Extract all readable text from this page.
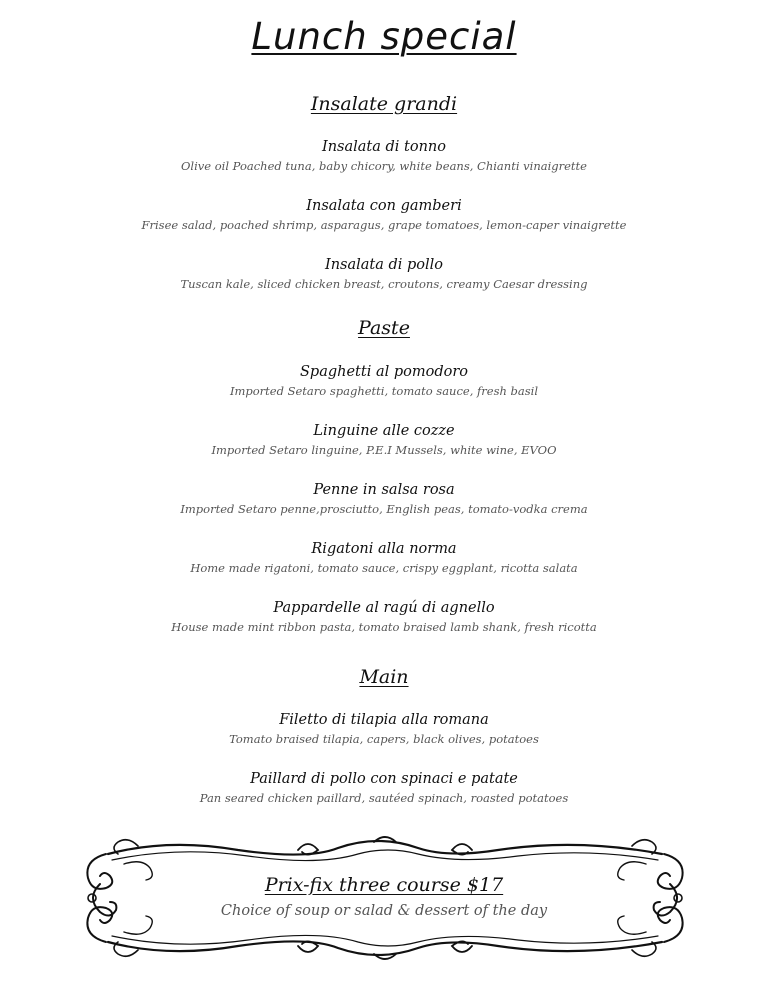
Lunch special
Insalate grandi
Insalata di tonno
Olive oil Poached tuna, baby chicory, white beans, Chianti vinaigrette
Insalata con gamberi
Frisee salad, poached shrimp, asparagus, grape tomatoes, lemon-caper vinaigrette
Insalata di pollo
Tuscan kale, sliced chicken breast, croutons, creamy Caesar dressing
Paste
Spaghetti al pomodoro
Imported Setaro spaghetti, tomato sauce, fresh basil
Linguine alle cozze
Imported Setaro linguine, P.E.I Mussels, white wine, EVOO
Penne in salsa rosa
Imported Setaro penne,prosciutto, English peas, tomato-vodka crema
Rigatoni alla norma
Home made rigatoni, tomato sauce, crispy eggplant, ricotta salata
Pappardelle al ragú di agnello
House made mint ribbon pasta, tomato braised lamb shank, fresh ricotta
Main
Filetto di tilapia alla romana
Tomato braised tilapia, capers, black olives, potatoes
Paillard di pollo con spinaci e patate
Pan seared chicken paillard, sautéed spinach, roasted potatoes
Prix-fix three course $17
Choice of soup or salad & dessert of the day
